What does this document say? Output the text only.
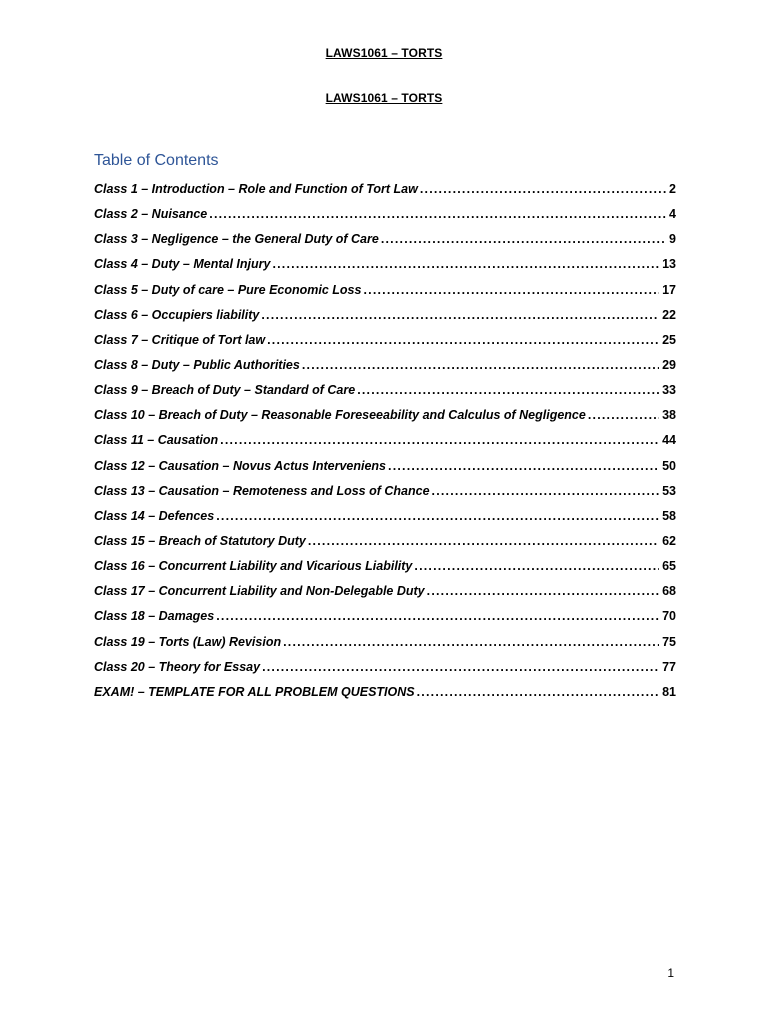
LAWS1061 – TORTS
LAWS1061 – TORTS
Table of Contents
Class 1 – Introduction – Role and Function of Tort Law .....	2
Class 2 – Nuisance .....	4
Class 3 – Negligence – the General Duty of Care .....	9
Class 4 – Duty – Mental Injury .....	13
Class 5 – Duty of care – Pure Economic Loss .....	17
Class 6 – Occupiers liability .....	22
Class 7 – Critique of Tort law .....	25
Class 8 – Duty – Public Authorities .....	29
Class 9 – Breach of Duty – Standard of Care .....	33
Class 10 – Breach of Duty – Reasonable Foreseeability and Calculus of Negligence .....	38
Class 11 – Causation .....	44
Class 12 – Causation – Novus Actus Interveniens .....	50
Class 13 – Causation – Remoteness and Loss of Chance .....	53
Class 14 – Defences .....	58
Class 15 – Breach of Statutory Duty .....	62
Class 16 – Concurrent Liability and Vicarious Liability .....	65
Class 17 – Concurrent Liability and Non-Delegable Duty .....	68
Class 18 – Damages .....	70
Class 19 – Torts (Law) Revision .....	75
Class 20 – Theory for Essay .....	77
EXAM! – TEMPLATE FOR ALL PROBLEM QUESTIONS .....	81
1
